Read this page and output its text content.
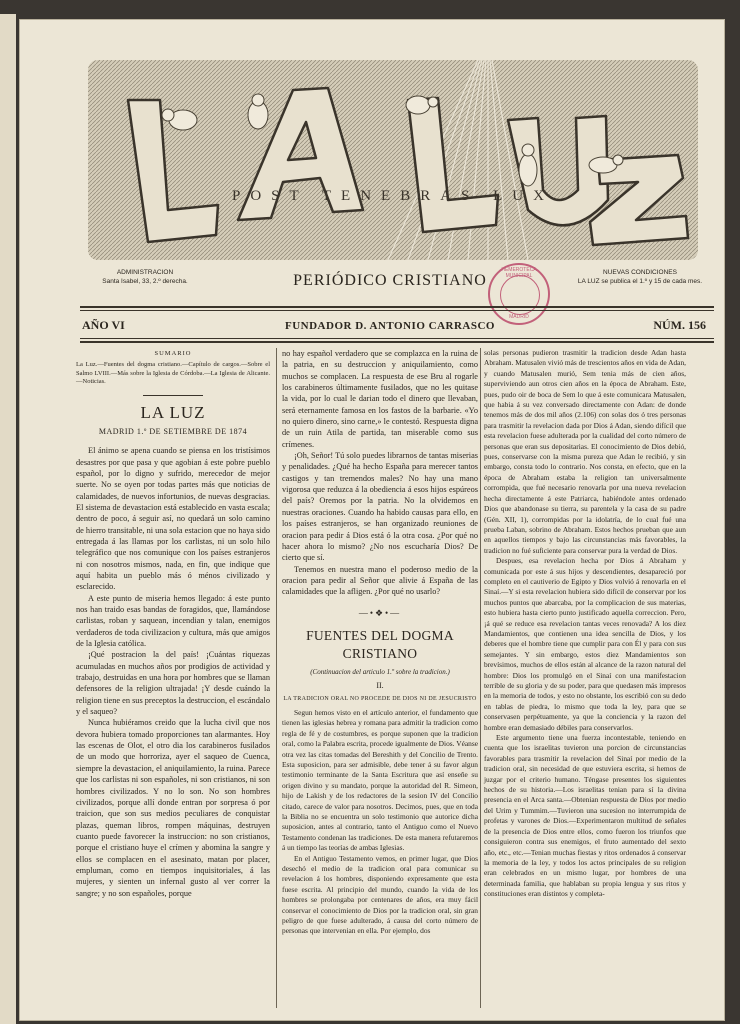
POST TENEBRAS LUX
ADMINISTRACION
Santa Isabel, 33, 2.º derecha.	PERIÓDICO CRISTIANO
HEMEROTECA MUNICIPAL
MADRID
NUEVAS CONDICIONES
LA LUZ se publica el 1.º y 15 de cada mes.
AÑO VI	FUNDADOR D. ANTONIO CARRASCO	NÚM. 156

SUMARIO

La Luz.—Fuentes del dogma cristiano.—Capítulo de cargos.—Sobre el Salmo LVIII.—Más sobre la Iglesia de Córdoba.—La Iglesia de Alicante.—Noticias.

LA LUZ

MADRID 1.º DE SETIEMBRE DE 1874

El ánimo se apena cuando se piensa en los tristísimos desastres por que pasa y que agobian á este pobre pueblo español, por lo digno y sufrido, merecedor de mejor suerte. No se oyen por todas partes más que noticias de calamidades, de nuevos infortunios, de nuevas desgracias. El sistema de devastacion está establecido en vasta escala; dentro de poco, á seguir así, no quedará un solo camino de hierro transitable, ni una sola estacion que no haya sido entregada á las llamas por los carlistas, ni un solo hilo telegráfico que nos comunique con los países estranjeros ni con nosotros mismos, nada, en fin, que indique que aquí habita un pueblo más ó ménos civilizado y esclarecido.

A este punto de miseria hemos llegado: á este punto nos han traido esas bandas de foragidos, que, llamándose carlistas, roban y saquean, incendian y talan, enemigos verdaderos de toda civilizacion y cultura, más que amigos de la Iglesia católica.

¡Qué postracion la del país! ¡Cuántas riquezas acumuladas en muchos años por prodigios de actividad y trabajo, destruidas en una hora por hombres que se llaman defensores de la religion ultrajada! ¡Y desde cuándo la religion tiene en sus preceptos la destruccion, el escándalo y el saqueo?

Nunca hubiéramos creido que la lucha civil que nos devora hubiera tomado proporciones tan alarmantes. Hoy las escenas de Olot, el otro dia los carabineros fusilados de un modo que horroriza, ayer el saqueo de Cuenca, siempre la devastacion, el aniquilamiento, la ruina. Parece que los carlistas ni son españoles, ni son cristianos, ni son hombres civilizados. Y no lo son. No son hombres civilizados, porque allí donde entran por sorpresa ó por traicion, que son sus medios peculiares de conquistar plazas, queman libros, rompen máquinas, destruyen cuanto puede favorecer la instruccion: no son cristianos, porque el cristiano huye el crímen y abomina la sangre y ellos se complacen en el asesinato, matan por placer, empluman, como en tiempos inquisitoriales, á las mujeres, y sienten un infernal gusto al ver correr la sangre; y no son españoles, porque

no hay español verdadero que se complazca en la ruina de la patria, en su destruccion y aniquilamiento, como muchos se complacen. La respuesta de ese Bru al rogarle los carabineros últimamente fusilados, que no les quitase la vida, por lo cual le darian todo el dinero que llevaban, será eternamente famosa en los fastos de la barbarie. «Yo no quiero dinero, sino carne,» le contestó. Respuesta digna de un ruin Atila de partida, tan miserable como sus crímenes.

¡Oh, Señor! Tú solo puedes librarnos de tantas miserias y penalidades. ¿Qué ha hecho España para merecer tantos castigos y tan tremendos males? No hay una mano vigorosa que reduzca á la obediencia á esos hijos espúreos del país? Oremos por la patria. No la olvidemos en nuestras oraciones. Cuando ha habido causas para ello, en los países estranjeros, se han organizado reuniones de oracion para pedir á Dios está ó la otra cosa. ¿Por qué no hacer ahora lo mismo? ¿No nos escucharía Dios? De cierto que sí.

Tenemos en nuestra mano el poderoso medio de la oracion para pedir al Señor que alivie á España de las calamidades que la afligen. ¿Por qué no usarlo?

—•❖•—

FUENTES DEL DOGMA CRISTIANO

(Continuacion del articulo 1.º sobre la tradicion.)

II.

LA TRADICION ORAL NO PROCEDE DE DIOS NI DE JESUCRISTO

Segun hemos visto en el artículo anterior, el fundamento que tienen las iglesias hebrea y romana para admitir la tradicion como regla de fé y de costumbres, es porque suponen que la tradicion oral, como la Palabra escrita, procede igualmente de Dios. Véanse otra vez las citas tomadas del Bereshith y del Concilio de Trento. Esta suposicion, para ser admisible, debe tener á su favor algun testimonio terminante de la Santa Escritura que así enseñe su origen divino y su mandato, porque la autoridad del R. Simeon, hijo de Lakish y de los redactores de la sesion IV del Concilio citado, carece de valor para nosotros. Decimos, pues, que en toda la Biblia no se encuentra un solo testimonio que autorice dicha suposicion, antes al contrario, tanto el Antiguo como el Nuevo Testamento condenan las tradiciones. De esta manera refutaremos á un tiempo las teorías de ambas Iglesias.

En el Antiguo Testamento vemos, en primer lugar, que Dios desechó el medio de la tradicion oral para comunicar su revelacion á los hombres, disponiendo expresamente que esta fuese escrita. Al principio del mundo, cuando la vida de los hombres se prolongaba por centenares de años, era muy fácil conservar el conocimiento de Dios por la tradicion oral, sin gran peligro de que fuese adulterado, á causa del corto número de personas que intervenian en ella. Por ejemplo, dos

solas personas pudieron trasmitir la tradicion desde Adan hasta Abraham. Matusalen vivió más de trescientos años en vida de Adan, y cuando Matusalen murió, Sem tenia más de cien años, superviviendo aun otros cien años en la época de Abraham. Este, pues, pudo oir de boca de Sem lo que á este comunicara Matusalen, que habia á su vez conversado directamente con Adan: de donde tenemos más de dos mil años (2.106) con solas dos ó tres personas para trasmitir la revelacion dada por Dios á Adan, siendo difícil que esta revelacion fuese adulterada por la cualidad del corto número de personas que eran sus depositarias. El conocimiento de Dios debió, pues, conservarse con la misma pureza que Adan le recibió, y sin embargo, consta todo lo contrario. Nos consta, en efecto, que en la época de Abraham estaba la religion tan universalmente corrompida, que fué necesario renovarla por una nueva revelacion hecha directamente á este Patriarca, habiéndole antes ordenado Dios que abandonase su tierra, su parentela y la casa de su padre (Gén. XII, 1), corrompidas por la idolatría, de lo cual fué una prueba Laban, sobrino de Abraham. Estos hechos prueban que aun en aquellos tiempos y bajo las circunstancias más favorables, la tradicion no fué suficiente para conservar pura la verdad de Dios.

Despues, esa revelacion hecha por Dios á Abraham y comunicada por este á sus hijos y descendientes, desapareció por completo en el cautiverio de Egipto y Dios volvió á renovarla en el Sinaí.—Y si esta revelacion hubiera sido difícil de conservar por los muchos puntos que abarcaba, por la complicacion de sus materias, esto hubiera hasta cierto punto justificado aquella correccion. Pero, ¡á qué se reduce esa revelacion tantas veces renovada? A los diez Mandamientos, que contienen una idea sencilla de Dios, y los deberes que el hombre tiene que cumplir para con Él y para con sus semejantes. Y sin embargo, estos diez Mandamientos son brevísimos, muchos de ellos están al alcance de la razon natural del hombre: Dios los promulgó en el Sinaí con una manifestacion terrible de su gloria y de su poder, para que quedasen más impresos en la memoria de todos, y esto no obstante, los escribió con su dedo en tablas de piedra, lo mismo que toda la ley, para que se conservasen perpétuamente, ya que la conciencia y la razon del hombre eran demasiado débiles para conservarlos.

Este argumento tiene una fuerza incontestable, teniendo en cuenta que los israelitas tuvieron una porcion de circunstancias favorables para trasmitir la revelacion del Sinaí por medio de la tradicion oral, sin necesidad de que estuviera escrita, si hemos de juzgar por el criterio humano. Téngase presentes los siguientes hechos de su historia.—Los israelitas tenian para sí la divina presencia en el Arca santa.—Obtenian respuesta de Dios por medio del Urim y Tummim.—Tuvieron una sucesion no interrumpida de profetas y varones de Dios.—Experimentaron multitud de señales de la presencia de Dios entre ellos, como fueron los triunfos que consiguieron contra sus enemigos, el fruto aumentado del sexto año, etc., etc.—Tenian muchas fiestas y ritos ordenados á conservar la memoria de la ley, y todos los actos principales de su religion eran celebrados en un mismo lugar, por hombres de una determinada familia, que hablaban su propia lengua y sus ritos y constituciones eran distintos y completa-
